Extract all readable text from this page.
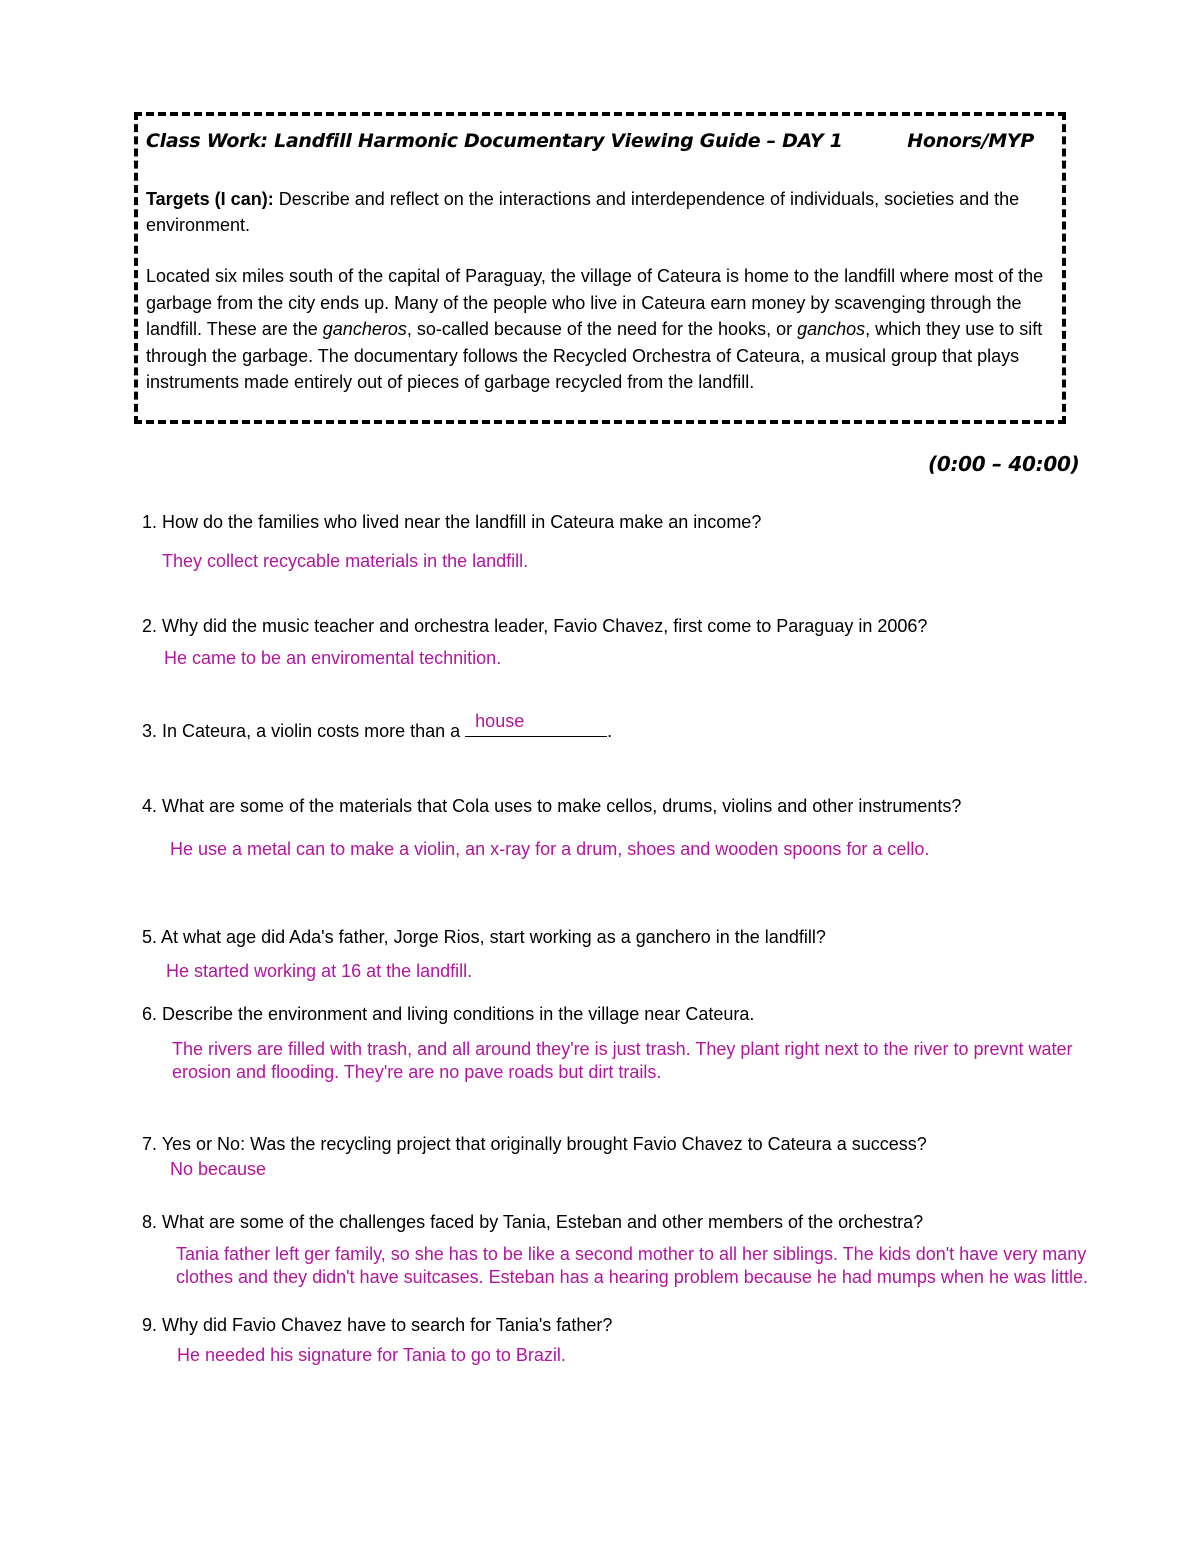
Class Work: Landfill Harmonic Documentary Viewing Guide – DAY 1	Honors/MYP
Targets (I can): Describe and reflect on the interactions and interdependence of individuals, societies and the environment.
Located six miles south of the capital of Paraguay, the village of Cateura is home to the landfill where most of the garbage from the city ends up. Many of the people who live in Cateura earn money by scavenging through the landfill. These are the gancheros, so-called because of the need for the hooks, or ganchos, which they use to sift through the garbage. The documentary follows the Recycled Orchestra of Cateura, a musical group that plays instruments made entirely out of pieces of garbage recycled from the landfill.
(0:00 – 40:00)
1. How do the families who lived near the landfill in Cateura make an income?
They collect recycable materials in the landfill.
2. Why did the music teacher and orchestra leader, Favio Chavez, first come to Paraguay in 2006?
He came to be an enviromental technition.
3. In Cateura, a violin costs more than a house	.
4. What are some of the materials that Cola uses to make cellos, drums, violins and other instruments?
He use a metal can to make a violin, an x-ray for a drum, shoes and wooden spoons for a cello.
5. At what age did Ada's father, Jorge Rios, start working as a ganchero in the landfill?
He started working at 16 at the landfill.
6. Describe the environment and living conditions in the village near Cateura.
The rivers are filled with trash, and all around they're is just trash. They plant right next to the river to prevnt water
erosion and flooding. They're are no pave roads but dirt trails.
7. Yes or No: Was the recycling project that originally brought Favio Chavez to Cateura a success?
No because
8. What are some of the challenges faced by Tania, Esteban and other members of the orchestra?
Tania father left ger family, so she has to be like a second mother to all her siblings. The kids don't have very many
clothes and they didn't have suitcases. Esteban has a hearing problem because he had mumps when he was little.
9. Why did Favio Chavez have to search for Tania's father?
He needed his signature for Tania to go to Brazil.
